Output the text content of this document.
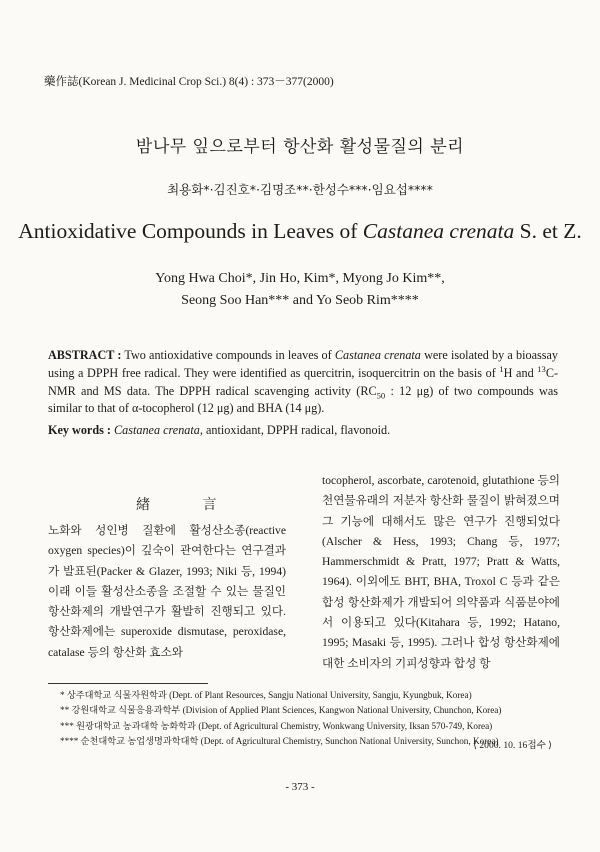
藥作誌(Korean J. Medicinal Crop Sci.) 8(4) : 373－377(2000)
밤나무 잎으로부터 항산화 활성물질의 분리
최용화*·김진호*·김명조**·한성수***·임요섭****
Antioxidative Compounds in Leaves of Castanea crenata S. et Z.
Yong Hwa Choi*, Jin Ho, Kim*, Myong Jo Kim**,
Seong Soo Han*** and Yo Seob Rim****
ABSTRACT : Two antioxidative compounds in leaves of Castanea crenata were isolated by a bioassay using a DPPH free radical. They were identified as quercitrin, isoquercitrin on the basis of $^1$H and $^{13}$C-NMR and MS data. The DPPH radical scavenging activity ($RC_{50}$ : 12 μg) of two compounds was similar to that of α-tocopherol (12 μg) and BHA (14 μg).
Key words : Castanea crenata, antioxidant, DPPH radical, flavonoid.
緖 言
노화와 성인병 질환에 활성산소종(reactive oxygen species)이 깊숙이 관여한다는 연구결과가 발표된(Packer & Glazer, 1993; Niki 등, 1994) 이래 이들 활성산소종을 조절할 수 있는 물질인 항산화제의 개발연구가 활발히 진행되고 있다. 항산화제에는 superoxide dismutase, peroxidase, catalase 등의 항산화 효소와
tocopherol, ascorbate, carotenoid, glutathione 등의 천연물유래의 저분자 항산화 물질이 밝혀졌으며 그 기능에 대해서도 많은 연구가 진행되었다(Alscher & Hess, 1993; Chang 등, 1977; Hammerschmidt & Pratt, 1977; Pratt & Watts, 1964). 이외에도 BHT, BHA, Troxol C 등과 같은 합성 항산화제가 개발되어 의약품과 식품분야에서 이용되고 있다(Kitahara 등, 1992; Hatano, 1995; Masaki 등, 1995). 그러나 합성 항산화제에 대한 소비자의 기피성향과 합성 항
* 상주대학교 식물자원학과 (Dept. of Plant Resources, Sangju National University, Sangju, Kyungbuk, Korea)
** 강원대학교 식물응용과학부 (Division of Applied Plant Sciences, Kangwon National University, Chunchon, Korea)
*** 원광대학교 농과대학 농화학과 (Dept. of Agricultural Chemistry, Wonkwang University, Iksan 570-749, Korea)
**** 순천대학교 농업생명과학대학 (Dept. of Agricultural Chemistry, Sunchon National University, Sunchon, Korea)
⟨ 2000. 10. 16접수 ⟩
- 373 -
